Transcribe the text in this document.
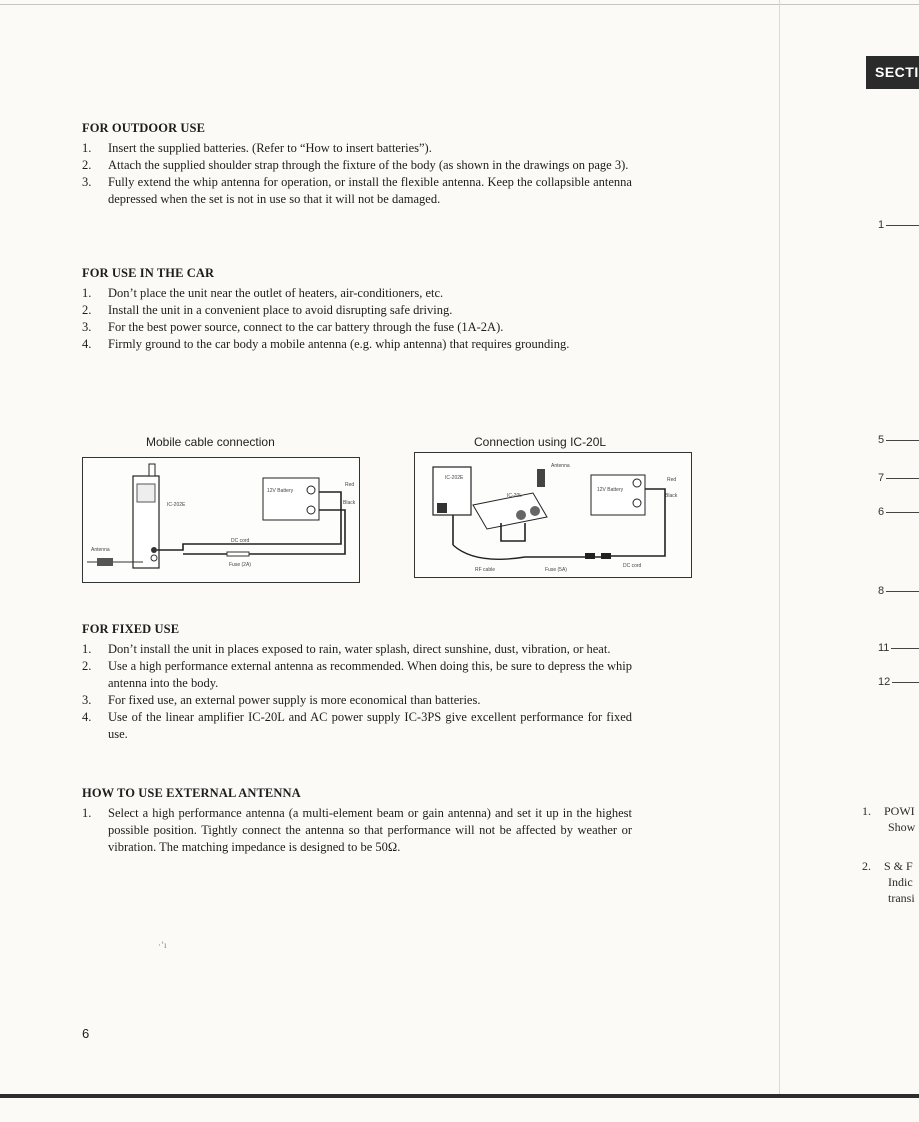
FOR OUTDOOR USE
1. Insert the supplied batteries. (Refer to “How to insert batteries”).
2. Attach the supplied shoulder strap through the fixture of the body (as shown in the drawings on page 3).
3. Fully extend the whip antenna for operation, or install the flexible antenna. Keep the collapsible antenna depressed when the set is not in use so that it will not be damaged.
FOR USE IN THE CAR
1. Don’t place the unit near the outlet of heaters, air-conditioners, etc.
2. Install the unit in a convenient place to avoid disrupting safe driving.
3. For the best power source, connect to the car battery through the fuse (1A-2A).
4. Firmly ground to the car body a mobile antenna (e.g. whip antenna) that requires grounding.
Mobile cable connection
Antenna
IC-202E
DC cord
Fuse (2A)
12V Battery
Red
Black
Connection using IC-20L
IC-202E
IC-20L
Antenna
RF cable	Fuse (5A)
DC cord
12V Battery
Red
Black
FOR FIXED USE
1. Don’t install the unit in places exposed to rain, water splash, direct sunshine, dust, vibration, or heat.
2. Use a high performance external antenna as recommended. When doing this, be sure to depress the whip antenna into the body.
3. For fixed use, an external power supply is more economical than batteries.
4. Use of the linear amplifier IC-20L and AC power supply IC-3PS give excellent performance for fixed use.
HOW TO USE EXTERNAL ANTENNA
1. Select a high performance antenna (a multi-element beam or gain antenna) and set it up in the highest possible position. Tightly connect the antenna so that performance will not be affected by weather or vibration. The matching impedance is designed to be 50Ω.
·ʼı
6
SECTI
1
5
7
6
8
11
12
1. POWI
Show
2. S & F
Indic
transi
